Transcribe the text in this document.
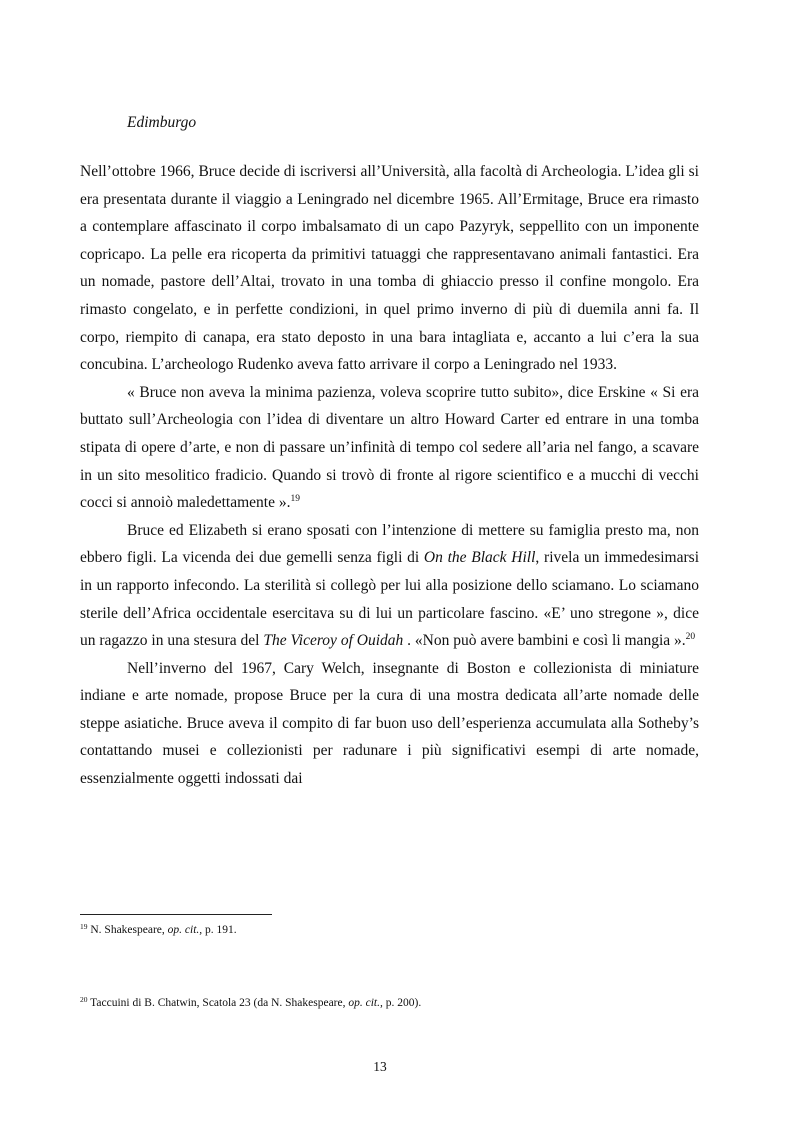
Edimburgo

Nell’ottobre 1966, Bruce decide di iscriversi all’Università, alla facoltà di Archeologia. L’idea gli si era presentata durante il viaggio a Leningrado nel dicembre 1965. All’Ermitage, Bruce era rimasto a contemplare affascinato il corpo imbalsamato di un capo Pazyryk, seppellito con un imponente copricapo. La pelle era ricoperta da primitivi tatuaggi che rappresentavano animali fantastici. Era un nomade, pastore dell’Altai, trovato in una tomba di ghiaccio presso il confine mongolo. Era rimasto congelato, e in perfette condizioni, in quel primo inverno di più di duemila anni fa. Il corpo, riempito di canapa, era stato deposto in una bara intagliata e, accanto a lui c’era la sua concubina. L’archeologo Rudenko aveva fatto arrivare il corpo a Leningrado nel 1933.

« Bruce non aveva la minima pazienza, voleva scoprire tutto subito», dice Erskine « Si era buttato sull’Archeologia con l’idea di diventare un altro Howard Carter ed entrare in una tomba stipata di opere d’arte, e non di passare un’infinità di tempo col sedere all’aria nel fango, a scavare in un sito mesolitico fradicio. Quando si trovò di fronte al rigore scientifico e a mucchi di vecchi cocci si annoiò maledettamente ».$^{19}$

Bruce ed Elizabeth si erano sposati con l’intenzione di mettere su famiglia presto ma, non ebbero figli. La vicenda dei due gemelli senza figli di On the Black Hill, rivela un immedesimarsi in un rapporto infecondo. La sterilità si collegò per lui alla posizione dello sciamano. Lo sciamano sterile dell’Africa occidentale esercitava su di lui un particolare fascino. «E’ uno stregone », dice un ragazzo in una stesura del The Viceroy of Ouidah . «Non può avere bambini e così li mangia ».$^{20}$

Nell’inverno del 1967, Cary Welch, insegnante di Boston e collezionista di miniature indiane e arte nomade, propose Bruce per la cura di una mostra dedicata all’arte nomade delle steppe asiatiche. Bruce aveva il compito di far buon uso dell’esperienza accumulata alla Sotheby’s contattando musei e collezionisti per radunare i più significativi esempi di arte nomade, essenzialmente oggetti indossati dai

$^{19}$ N. Shakespeare, op. cit., p. 191.

$^{20}$ Taccuini di B. Chatwin, Scatola 23 (da N. Shakespeare, op. cit., p. 200).

13
